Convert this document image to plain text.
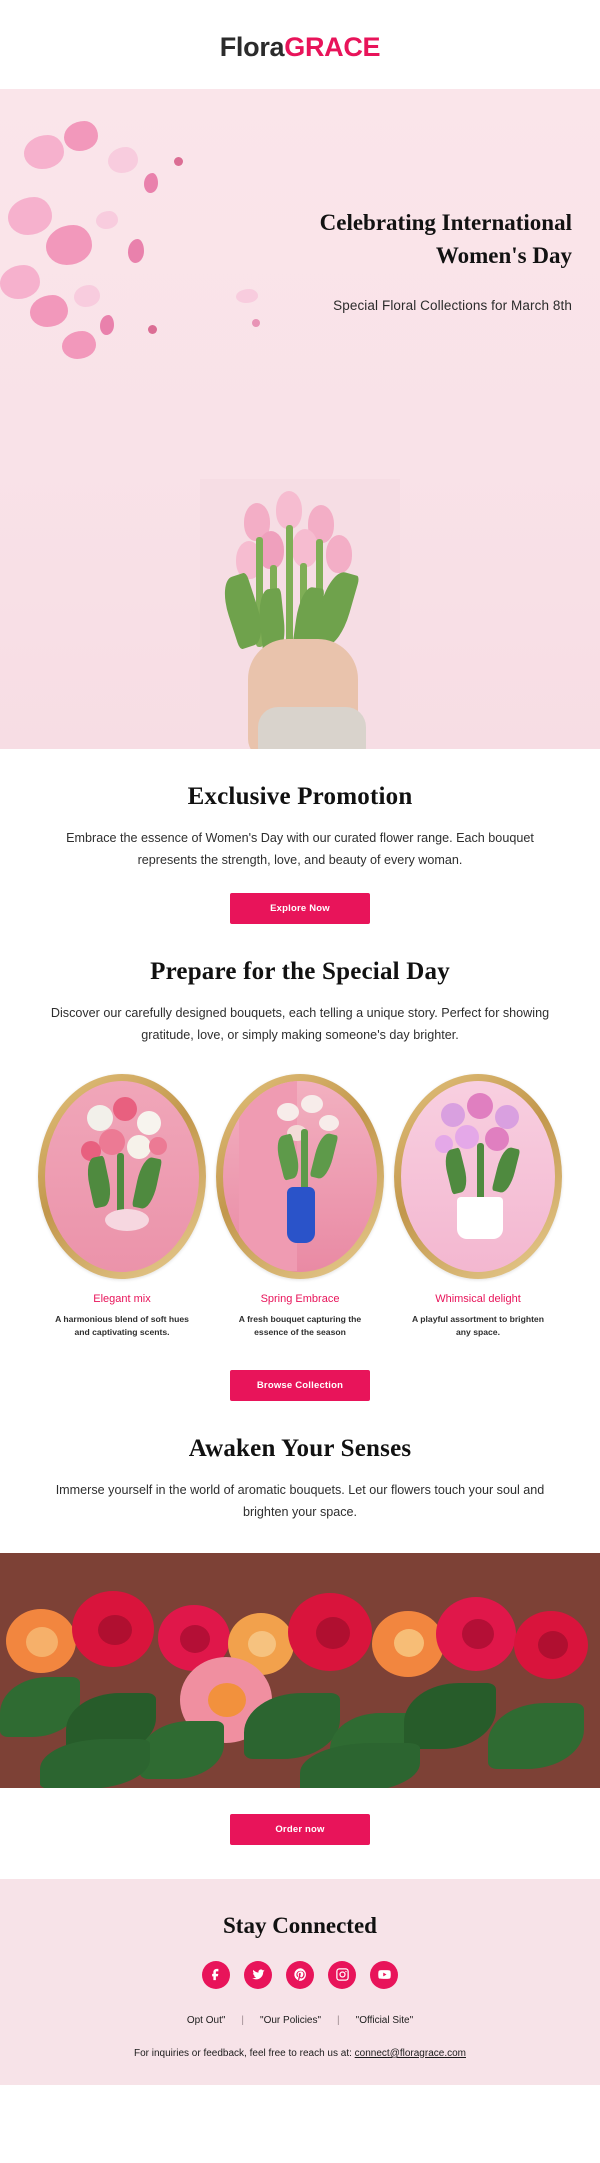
FloraGRACE
Celebrating International Women's Day
Special Floral Collections for March 8th
Exclusive Promotion
Embrace the essence of Women's Day with our curated flower range. Each bouquet represents the strength, love, and beauty of every woman.
Explore Now
Prepare for the Special Day
Discover our carefully designed bouquets, each telling a unique story. Perfect for showing gratitude, love, or simply making someone's day brighter.
Elegant mix
A harmonious blend of soft hues and captivating scents.
Spring Embrace
A fresh bouquet capturing the essence of the season
Whimsical delight
A playful assortment to brighten any space.
Browse Collection
Awaken Your Senses
Immerse yourself in the world of aromatic bouquets. Let our flowers touch your soul and brighten your space.
Order now
Stay Connected
Opt Out" | "Our Policies" | "Official Site"
For inquiries or feedback, feel free to reach us at: connect@floragrace.com
